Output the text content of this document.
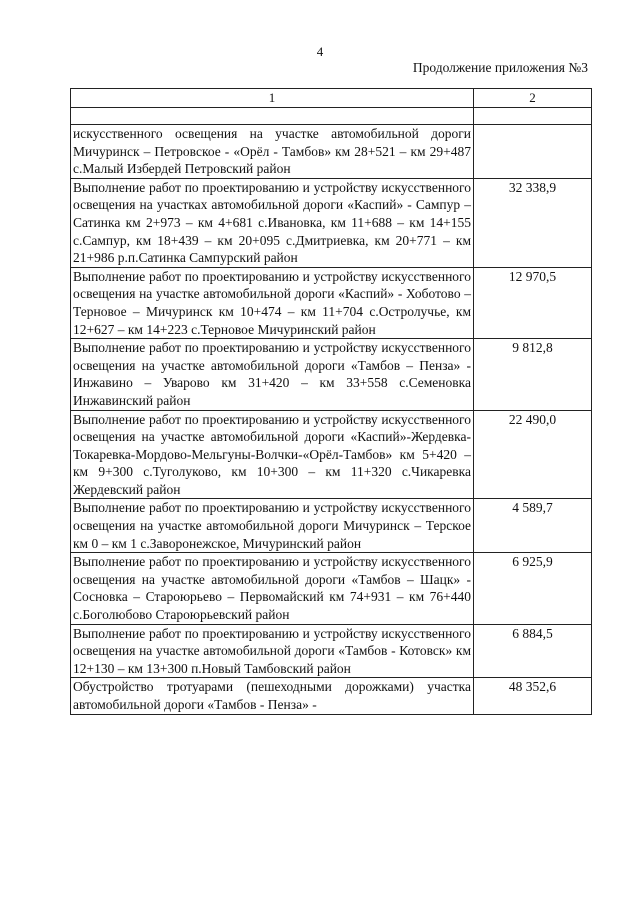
4
Продолжение приложения №3
1	2

искусственного освещения на участке автомобильной дороги Мичуринск – Петровское - «Орёл - Тамбов» км 28+521 – км 29+487 с.Малый Избердей Петровский район	
Выполнение работ по проектированию и устройству искусственного освещения на участках автомобильной дороги «Каспий» - Сампур – Сатинка км 2+973 – км 4+681 с.Ивановка, км 11+688 – км 14+155 с.Сампур, км 18+439 – км 20+095 с.Дмитриевка, км 20+771 – км 21+986 р.п.Сатинка Сампурский район	32 338,9
Выполнение работ по проектированию и устройству искусственного освещения на участке автомобильной дороги «Каспий» - Хоботово – Терновое – Мичуринск км 10+474 – км 11+704 с.Остролучье, км 12+627 – км 14+223 с.Терновое Мичуринский район	12 970,5
Выполнение работ по проектированию и устройству искусственного освещения на участке автомобильной дороги «Тамбов – Пенза» - Инжавино – Уварово км 31+420 – км 33+558 с.Семеновка Инжавинский район	9 812,8
Выполнение работ по проектированию и устройству искусственного освещения на участке автомобильной дороги «Каспий»-Жердевка-Токаревка-Мордово-Мельгуны-Волчки-«Орёл-Тамбов» км 5+420 – км 9+300 с.Туголуково, км 10+300 – км 11+320 с.Чикаревка Жердевский район	22 490,0
Выполнение работ по проектированию и устройству искусственного освещения на участке автомобильной дороги Мичуринск – Терское км 0 – км 1 с.Заворонежское, Мичуринский район	4 589,7
Выполнение работ по проектированию и устройству искусственного освещения на участке автомобильной дороги «Тамбов – Шацк» - Сосновка – Староюрьево – Первомайский км 74+931 – км 76+440 с.Боголюбово Староюрьевский район	6 925,9
Выполнение работ по проектированию и устройству искусственного освещения на участке автомобильной дороги «Тамбов - Котовск» км 12+130 – км 13+300 п.Новый Тамбовский район	6 884,5
Обустройство тротуарами (пешеходными дорожками) участка автомобильной дороги «Тамбов - Пенза» -	48 352,6
